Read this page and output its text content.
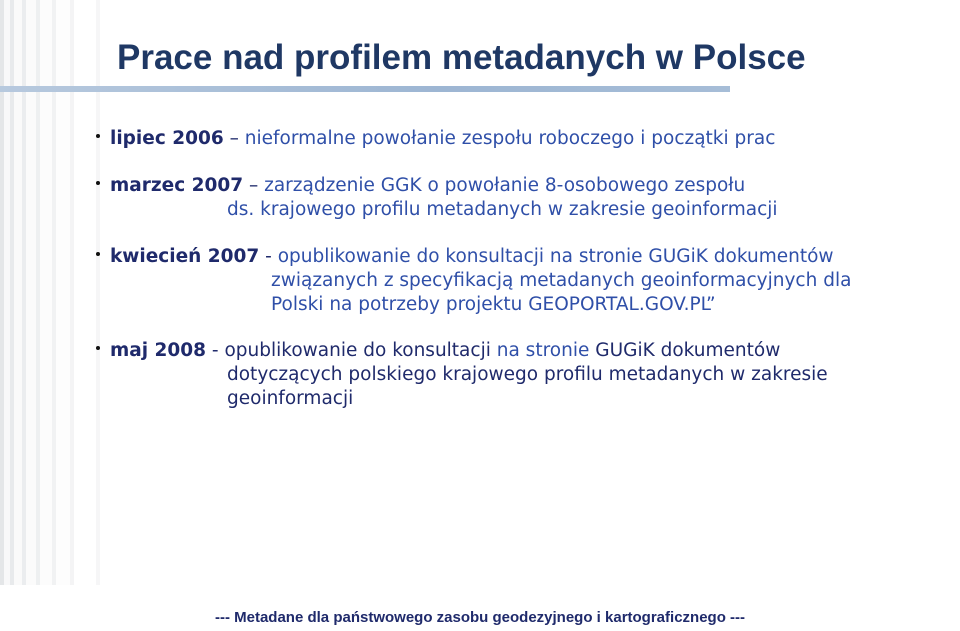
Prace nad profilem metadanych w Polsce
lipiec 2006 – nieformalne powołanie zespołu roboczego i początki prac
marzec 2007 – zarządzenie GGK o powołanie 8-osobowego zespołu
ds. krajowego profilu metadanych w zakresie geoinformacji
kwiecień 2007 - opublikowanie do konsultacji na stronie GUGiK dokumentów
związanych z specyfikacją metadanych geoinformacyjnych dla
Polski na potrzeby projektu GEOPORTAL.GOV.PL”
maj 2008 - opublikowanie do konsultacji na stronie GUGiK dokumentów
dotyczących polskiego krajowego profilu metadanych w zakresie
geoinformacji
--- Metadane dla państwowego zasobu geodezyjnego i kartograficznego ---
